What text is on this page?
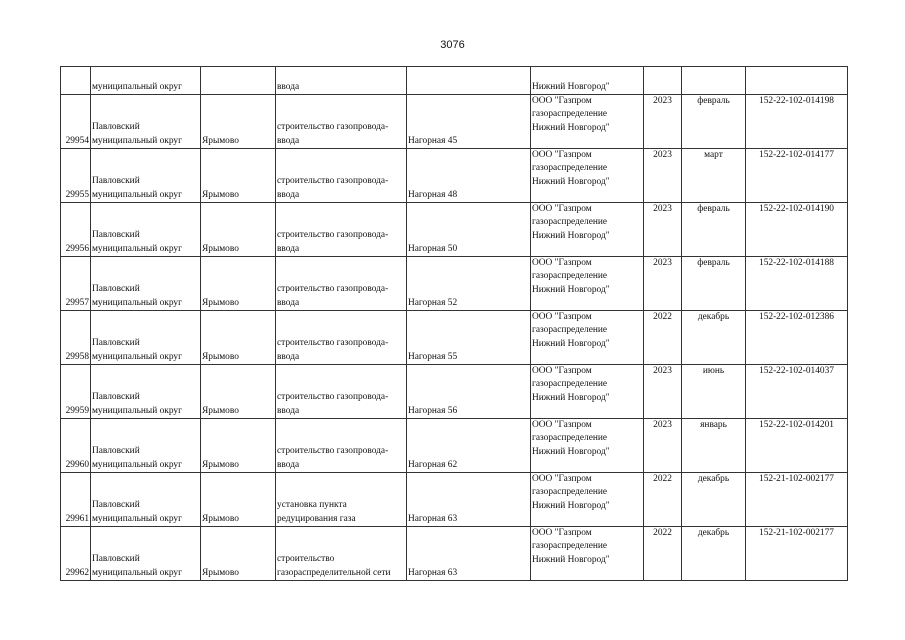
3076
	муниципальный округ		ввода		Нижний Новгород"			
29954	Павловский
муниципальный округ	Ярымово	строительство газопровода-
ввода	Нагорная 45	ООО "Газпром
газораспределение
Нижний Новгород"	2023	февраль	152-22-102-014198
29955	Павловский
муниципальный округ	Ярымово	строительство газопровода-
ввода	Нагорная 48	ООО "Газпром
газораспределение
Нижний Новгород"	2023	март	152-22-102-014177
29956	Павловский
муниципальный округ	Ярымово	строительство газопровода-
ввода	Нагорная 50	ООО "Газпром
газораспределение
Нижний Новгород"	2023	февраль	152-22-102-014190
29957	Павловский
муниципальный округ	Ярымово	строительство газопровода-
ввода	Нагорная 52	ООО "Газпром
газораспределение
Нижний Новгород"	2023	февраль	152-22-102-014188
29958	Павловский
муниципальный округ	Ярымово	строительство газопровода-
ввода	Нагорная 55	ООО "Газпром
газораспределение
Нижний Новгород"	2022	декабрь	152-22-102-012386
29959	Павловский
муниципальный округ	Ярымово	строительство газопровода-
ввода	Нагорная 56	ООО "Газпром
газораспределение
Нижний Новгород"	2023	июнь	152-22-102-014037
29960	Павловский
муниципальный округ	Ярымово	строительство газопровода-
ввода	Нагорная 62	ООО "Газпром
газораспределение
Нижний Новгород"	2023	январь	152-22-102-014201
29961	Павловский
муниципальный округ	Ярымово	установка пункта
редуцирования газа	Нагорная 63	ООО "Газпром
газораспределение
Нижний Новгород"	2022	декабрь	152-21-102-002177
29962	Павловский
муниципальный округ	Ярымово	строительство
газораспределительной сети	Нагорная 63	ООО "Газпром
газораспределение
Нижний Новгород"	2022	декабрь	152-21-102-002177
